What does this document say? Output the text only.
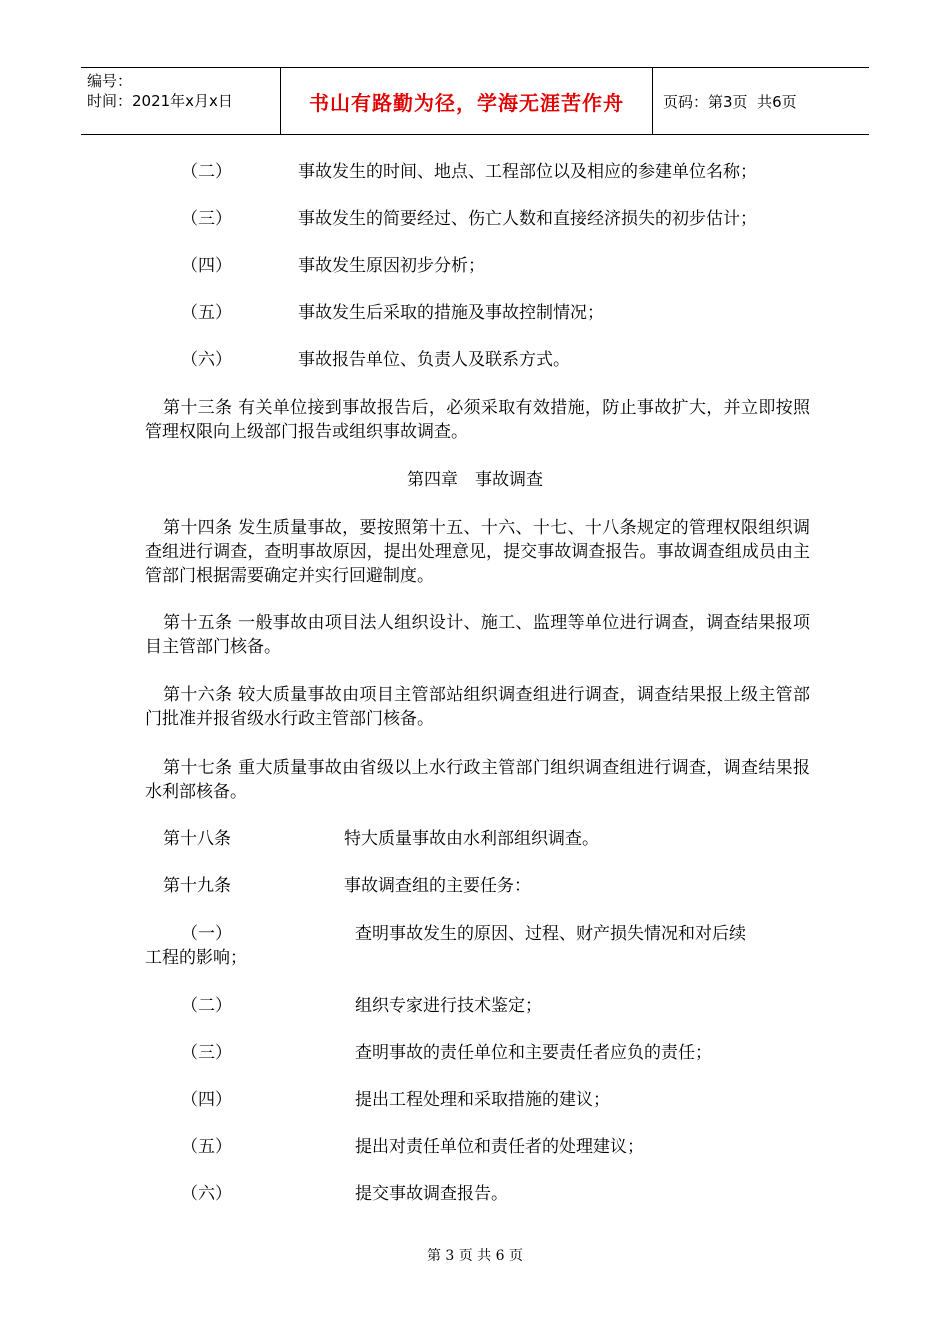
编号：
时间：2021年x月x日	书山有路勤为径，学海无涯苦作舟	页码：第3页  共6页
（二）	事故发生的时间、地点、工程部位以及相应的参建单位名称；
（三）	事故发生的简要经过、伤亡人数和直接经济损失的初步估计；
（四）	事故发生原因初步分析；
（五）	事故发生后采取的措施及事故控制情况；
（六）	事故报告单位、负责人及联系方式。
第十三条 有关单位接到事故报告后，必须采取有效措施，防止事故扩大，并立即按照管理权限向上级部门报告或组织事故调查。
第四章　事故调查
第十四条 发生质量事故，要按照第十五、十六、十七、十八条规定的管理权限组织调查组进行调查，查明事故原因，提出处理意见，提交事故调查报告。事故调查组成员由主管部门根据需要确定并实行回避制度。
第十五条 一般事故由项目法人组织设计、施工、监理等单位进行调查，调查结果报项目主管部门核备。
第十六条 较大质量事故由项目主管部站组织调查组进行调查，调查结果报上级主管部门批准并报省级水行政主管部门核备。
第十七条 重大质量事故由省级以上水行政主管部门组织调查组进行调查，调查结果报水利部核备。
第十八条	特大质量事故由水利部组织调查。
第十九条	事故调查组的主要任务：
（一）	查明事故发生的原因、过程、财产损失情况和对后续
工程的影响；
（二）	组织专家进行技术鉴定；
（三）	查明事故的责任单位和主要责任者应负的责任；
（四）	提出工程处理和采取措施的建议；
（五）	提出对责任单位和责任者的处理建议；
（六）	提交事故调查报告。
第 3 页 共 6 页
